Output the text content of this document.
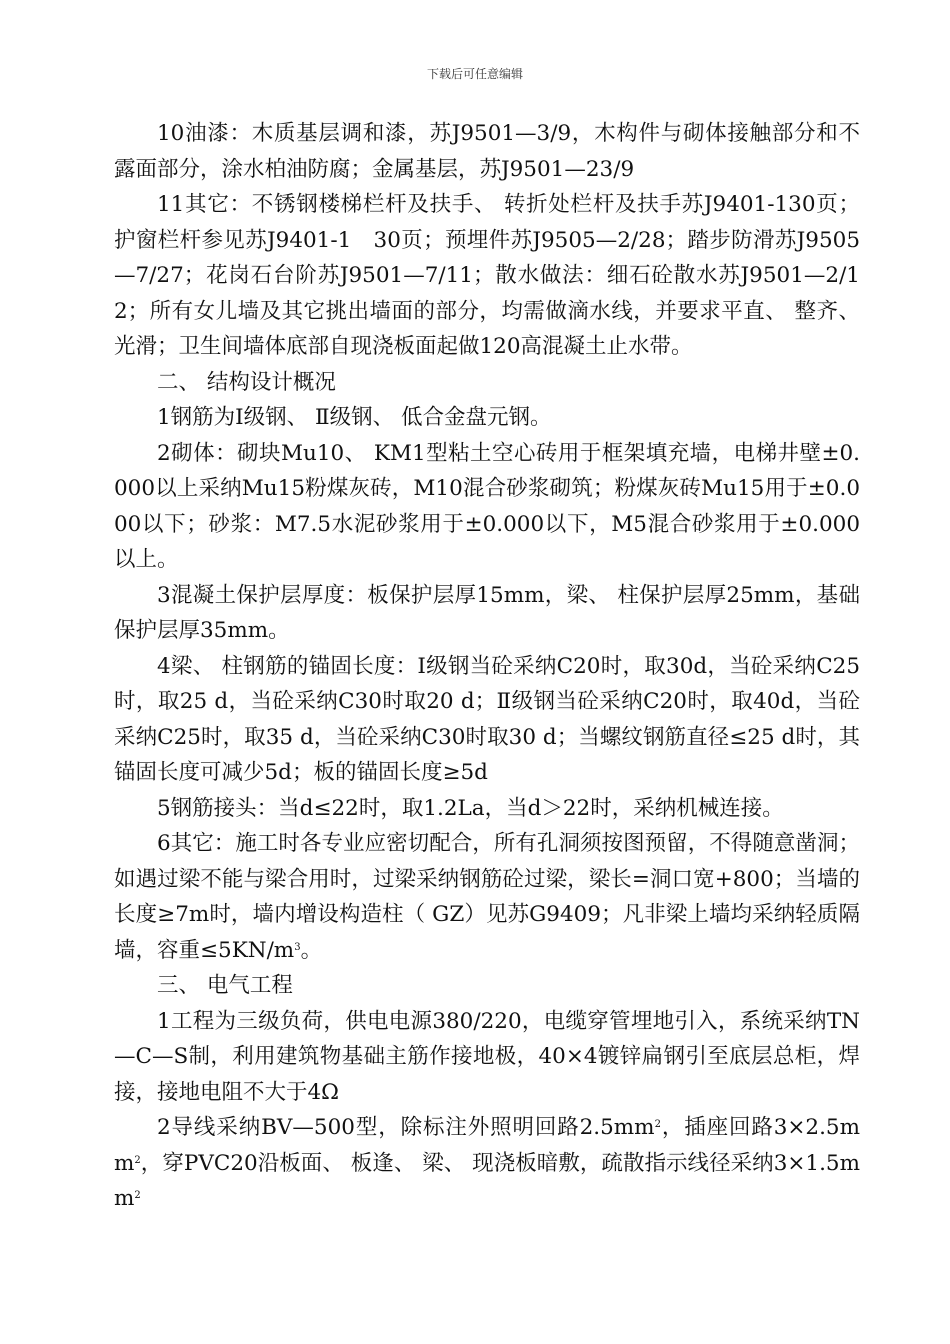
下载后可任意编辑

10油漆：木质基层调和漆，苏J9501—3/9，木构件与砌体接触部分和不露面部分，涂水柏油防腐；金属基层，苏J9501—23/9

11其它：不锈钢楼梯栏杆及扶手、 转折处栏杆及扶手苏J9401-130页；护窗栏杆参见苏J9401-1　30页；预埋件苏J9505—2/28；踏步防滑苏J9505—7/27；花岗石台阶苏J9501—7/11；散水做法：细石砼散水苏J9501—2/12；所有女儿墙及其它挑出墙面的部分，均需做滴水线，并要求平直、 整齐、 光滑；卫生间墙体底部自现浇板面起做120高混凝土止水带。

二、 结构设计概况

1钢筋为Ⅰ级钢、 Ⅱ级钢、 低合金盘元钢。

2砌体：砌块Mu10、 KM1型粘土空心砖用于框架填充墙，电梯井壁±0.000以上采纳Mu15粉煤灰砖，M10混合砂浆砌筑；粉煤灰砖Mu15用于±0.000以下；砂浆：M7.5水泥砂浆用于±0.000以下，M5混合砂浆用于±0.000以上。

3混凝土保护层厚度：板保护层厚15mm，梁、 柱保护层厚25mm，基础保护层厚35mm。

4梁、 柱钢筋的锚固长度：Ⅰ级钢当砼采纳C20时，取30d，当砼采纳C25时，取25 d，当砼采纳C30时取20 d；Ⅱ级钢当砼采纳C20时，取40d，当砼采纳C25时，取35 d，当砼采纳C30时取30 d；当螺纹钢筋直径≤25 d时，其锚固长度可减少5d；板的锚固长度≥5d

5钢筋接头：当d≤22时，取1.2La，当d＞22时，采纳机械连接。

6其它：施工时各专业应密切配合，所有孔洞须按图预留，不得随意凿洞；如遇过梁不能与梁合用时，过梁采纳钢筋砼过梁，梁长=洞口宽+800；当墙的长度≥7m时，墙内增设构造柱（ GZ）见苏G9409；凡非梁上墙均采纳轻质隔墙，容重$\le 5KN/m^3$。

三、 电气工程

1工程为三级负荷，供电电源380/220，电缆穿管埋地引入，系统采纳TN—C—S制，利用建筑物基础主筋作接地极，40×4镀锌扁钢引至底层总柜，焊接，接地电阻不大于4Ω

2导线采纳BV—500型，除标注外照明回路$2.5mm^2$，插座回路$3\times 2.5mm^2$，穿PVC20沿板面、 板逢、 梁、 现浇板暗敷，疏散指示线径采纳$3\times 1.5mm^2$
